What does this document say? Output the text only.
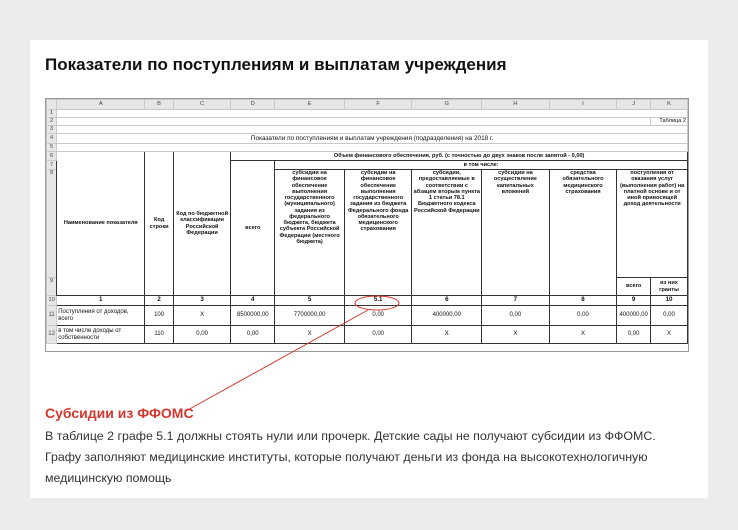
Показатели по поступлениям и выплатам учреждения
	A	B	C	D	E	F	G	H	I	J	K
1											
2											Таблица 2
3											
4	Показатели по поступлениям и выплатам учреждения (подразделения) на 2018 г.										
5											
6	Наименование показателя	Код строки	Код по бюджетной классификации Российской Федерации	Объем финансового обеспечения, руб. (с точностью до двух знаков после запятой - 0,00)							
7				всего	в том числе:						
8					субсидии на финансовое обеспечение выполнения государственного (муниципального) задания из федерального бюджета, бюджета субъекта Российской Федерации (местного бюджета)	субсидии на финансовое обеспечение выполнения государственного задания из бюджета Федерального фонда обязательного медицинского страхования	субсидии, предоставляемые в соответствии с абзацем вторым пункта 1 статьи 78.1 Бюджетного кодекса Российской Федерации	субсидии на осуществление капитальных вложений	средства обязательного медицинского страхования	поступления от оказания услуг (выполнения работ) на платной основе и от иной приносящей доход деятельности	
9										всего	из них гранты
10	1	2	3	4	5	5.1	6	7	8	9	10
11	Поступления от доходов, всего	100	X	8500000,00	7700000,00	0,00	400000,00	0,00	0,00	400000,00	0,00
12	в том числе доходы от собственности	110	0,00	0,00	X	0,00	X	X	X	0,00	X
Субсидии из ФФОМС
В таблице 2 графе 5.1 должны стоять нули или прочерк. Детские сады не получают субсидии из ФФОМС. Графу заполняют медицинские институты, которые получают деньги из фонда на высокотехнологичную медицинскую помощь
